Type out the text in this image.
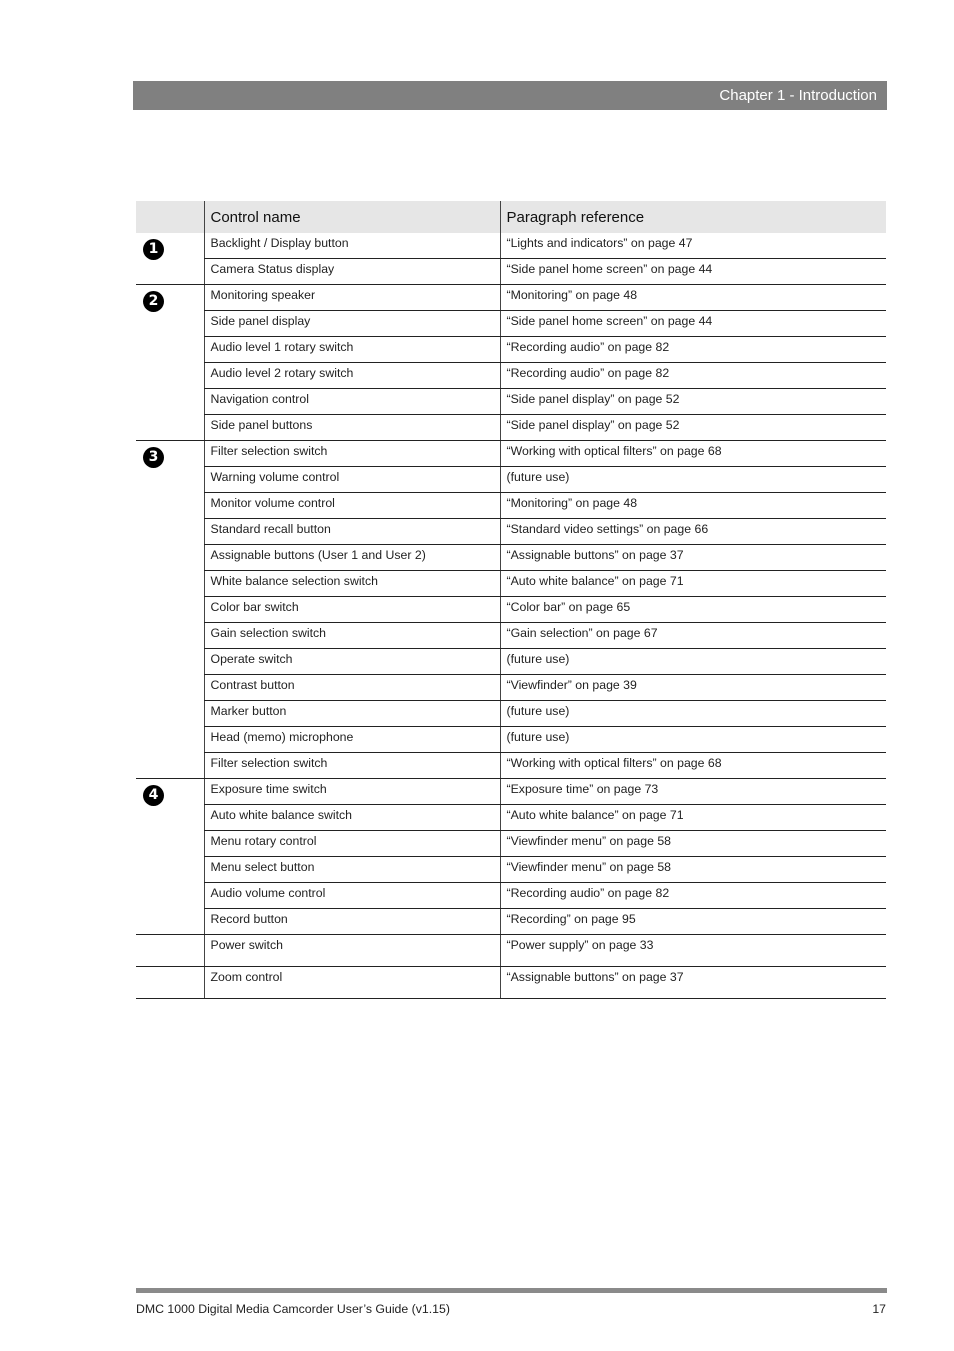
Chapter 1 - Introduction
	Control name	Paragraph reference
1	Backlight / Display button	“Lights and indicators” on page 47
	Camera Status display	“Side panel home screen” on page 44
2	Monitoring speaker	“Monitoring” on page 48
	Side panel display	“Side panel home screen” on page 44
	Audio level 1 rotary switch	“Recording audio” on page 82
	Audio level 2 rotary switch	“Recording audio” on page 82
	Navigation control	“Side panel display” on page 52
	Side panel buttons	“Side panel display” on page 52
3	Filter selection switch	“Working with optical filters” on page 68
	Warning volume control	(future use)
	Monitor volume control	“Monitoring” on page 48
	Standard recall button	“Standard video settings” on page 66
	Assignable buttons (User 1 and User 2)	“Assignable buttons” on page 37
	White balance selection switch	“Auto white balance” on page 71
	Color bar switch	“Color bar” on page 65
	Gain selection switch	“Gain selection” on page 67
	Operate switch	(future use)
	Contrast button	“Viewfinder” on page 39
	Marker button	(future use)
	Head (memo) microphone	(future use)
	Filter selection switch	“Working with optical filters” on page 68
4	Exposure time switch	“Exposure time” on page 73
	Auto white balance switch	“Auto white balance” on page 71
	Menu rotary control	“Viewfinder menu” on page 58
	Menu select button	“Viewfinder menu” on page 58
	Audio volume control	“Recording audio” on page 82
	Record button	“Recording” on page 95
	Power switch	“Power supply” on page 33
	Zoom control	“Assignable buttons” on page 37
DMC 1000 Digital Media Camcorder User’s Guide (v1.15)	17
